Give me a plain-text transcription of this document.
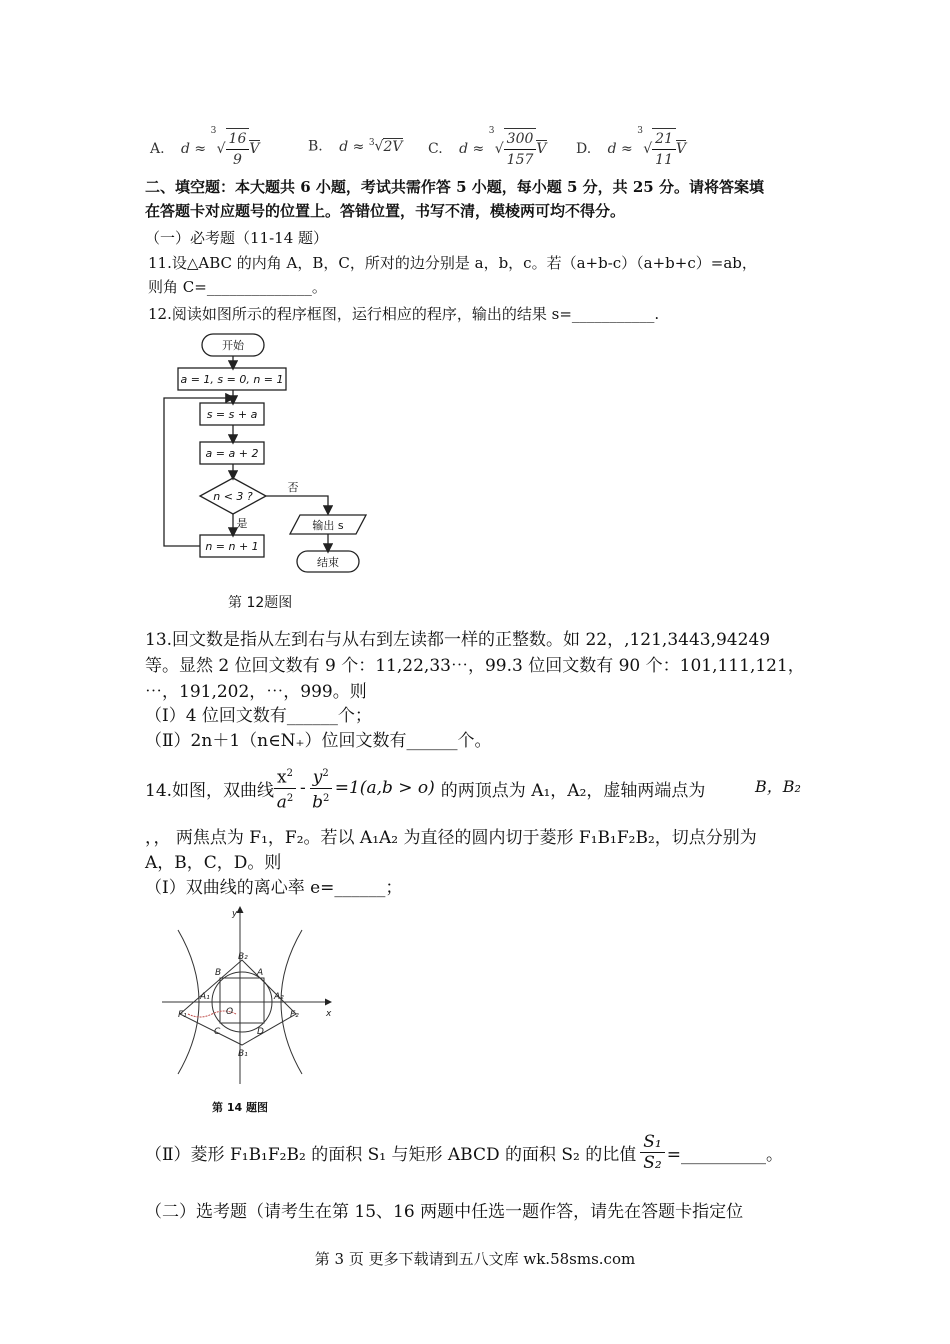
A. d ≈
3
√ $\frac{16}{9}$ V	B. d ≈ $^3$√2V C. d ≈
3
√ $\frac{300}{157}$ V D. d ≈
3
√ $\frac{21}{11}$ V
二、填空题：本大题共 6 小题，考试共需作答 5 小题，每小题 5 分，共 25 分。请将答案填
在答题卡对应题号的位置上。答错位置，书写不清，模棱两可均不得分。
（一）必考题（11-14 题）
11.设△ABC 的内角 A，B，C，所对的边分别是 a，b，c。若（a+b-c）（a+b+c）=ab，
则角 C=______________。
12.阅读如图所示的程序框图，运行相应的程序，输出的结果 s=___________.
开始
a = 1, s = 0, n = 1
s = s + a
a = a + 2
n < 3 ?
否
是
n = n + 1
输出 s
结束
第 12题图
13.回文数是指从左到右与从右到左读都一样的正整数。如 22，,121,3443,94249
等。显然 2 位回文数有 9 个：11,22,33⋯，99.3 位回文数有 90 个：101,111,121，
⋯，191,202，⋯，999。则
（Ⅰ）4 位回文数有______个；
（Ⅱ）2n＋1（n∈N₊）位回文数有______个。
14.如图，双曲线 $\frac{x^2}{a^2} - \frac{y^2}{b^2} =1(a,b > o)$ 的两顶点为 A₁，A₂，虚轴两端点为	B，B₂
，， 两焦点为 F₁，F₂。若以 A₁A₂ 为直径的圆内切于菱形 F₁B₁F₂B₂，切点分别为
A，B，C，D。则
（Ⅰ）双曲线的离心率 e=______；
y
x
O
B₂
B₁
A
B
C	D
A₁	A₂
F₁	F₂
第 14 题图
（Ⅱ）菱形 F₁B₁F₂B₂ 的面积 S₁ 与矩形 ABCD 的面积 S₂ 的比值 $\frac{\text{S₁}}{\text{S₂}}$ =__________。
（二）选考题（请考生在第 15、16 两题中任选一题作答，请先在答题卡指定位
第 3 页 更多下载请到五八文库 wk.58sms.com
